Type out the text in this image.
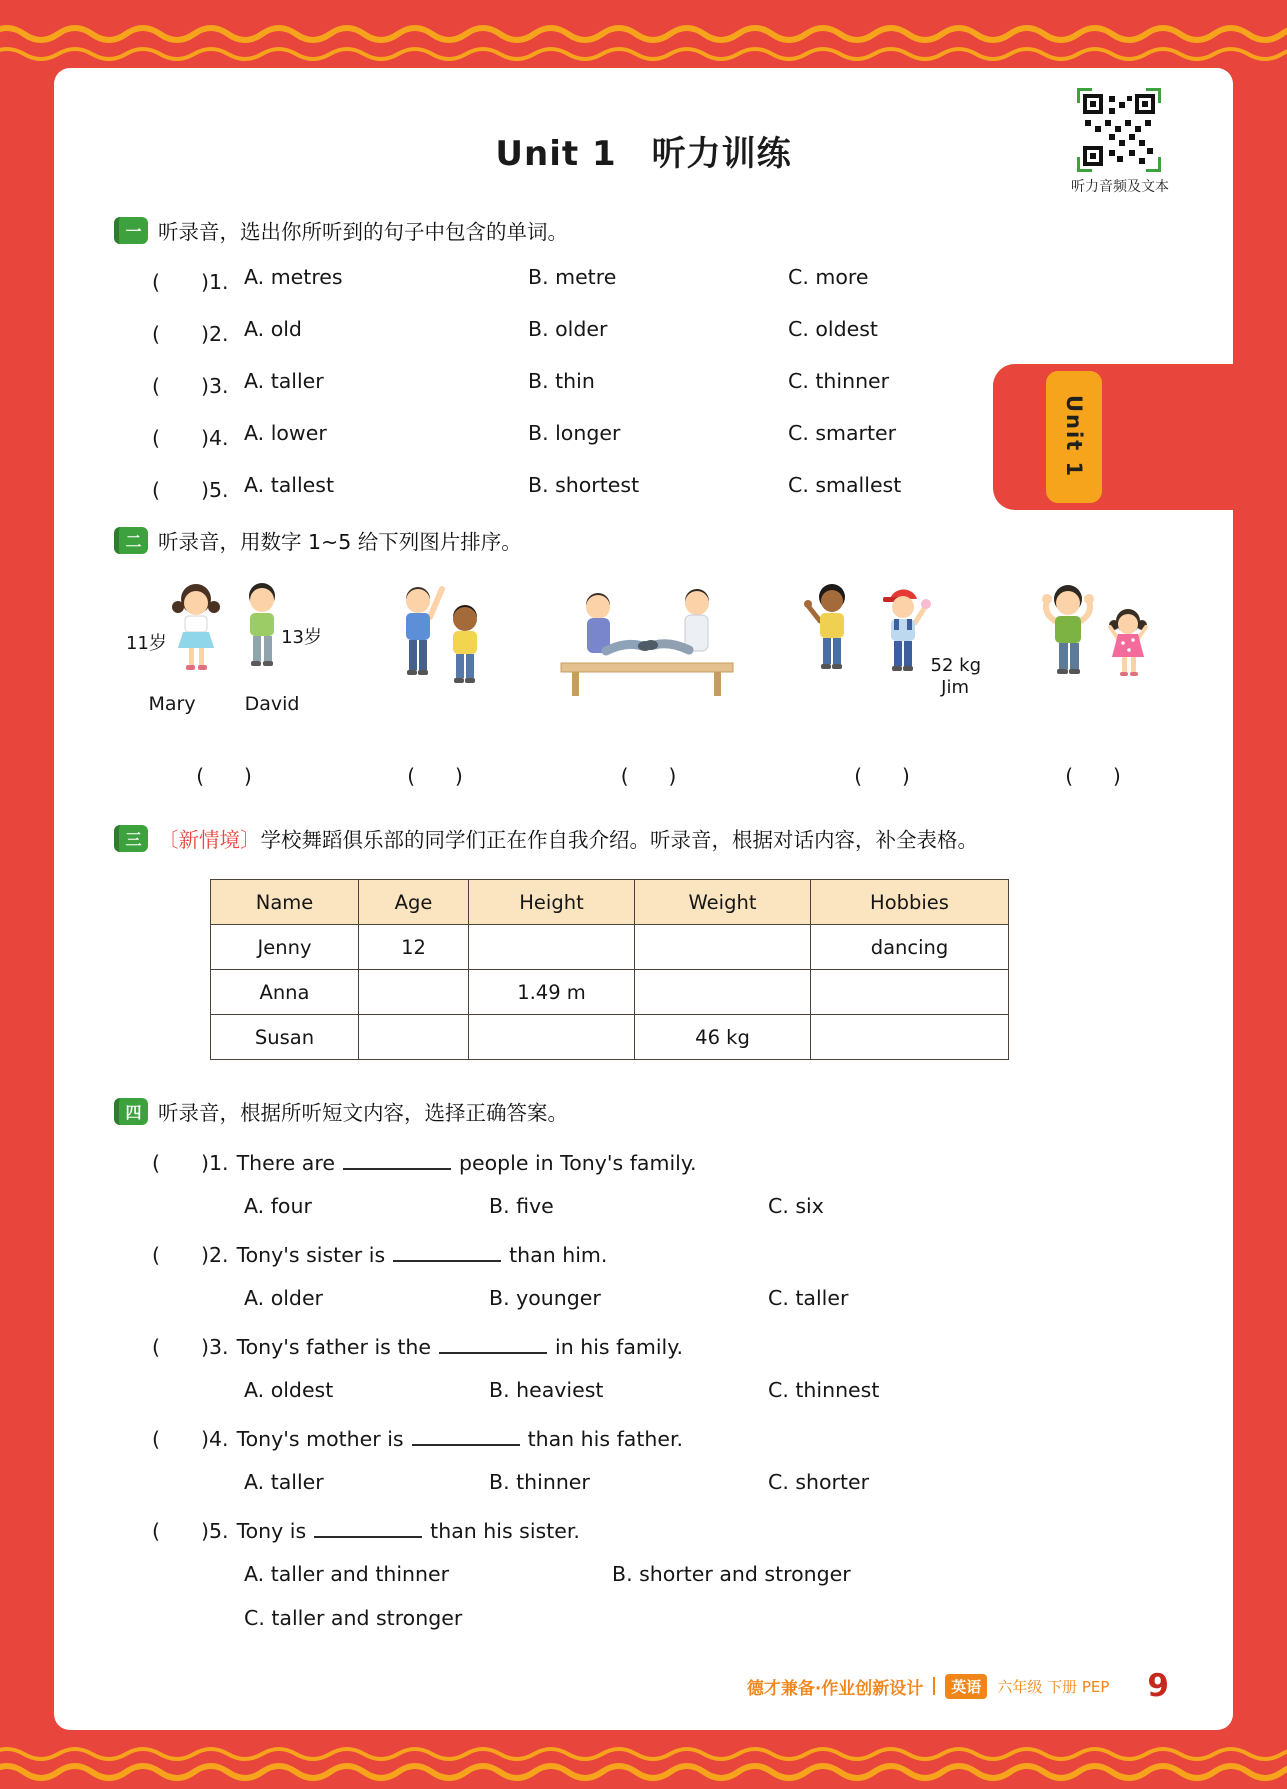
Unit 1
Unit 1　听力训练
听力音频及文本
一 听录音，选出你所听到的句子中包含的单词。
(　　)1. A. metres	B. metre	C. more
(　　)2. A. old	B. older	C. oldest
(　　)3. A. taller	B. thin	C. thinner
(　　)4. A. lower	B. longer	C. smarter
(　　)5. A. tallest	B. shortest	C. smallest
二 听录音，用数字 1~5 给下列图片排序。
11岁	13岁
Mary	David
(　　)	(　　)	(　　)
52 kg
Jim
(　　)	(　　)
三 〔新情境〕学校舞蹈俱乐部的同学们正在作自我介绍。听录音，根据对话内容，补全表格。
Name	Age	Height	Weight	Hobbies
Jenny	12			dancing
Anna		1.49 m		
Susan			46 kg	
四 听录音，根据所听短文内容，选择正确答案。
(　　)1. There are	people in Tony's family.
A. four	B. five	C. six
(　　)2. Tony's sister is	than him.
A. older	B. younger	C. taller
(　　)3. Tony's father is the	in his family.
A. oldest	B. heaviest	C. thinnest
(　　)4. Tony's mother is	than his father.
A. taller	B. thinner	C. shorter
(　　)5. Tony is	than his sister.
A. taller and thinner	B. shorter and stronger
C. taller and stronger
德才兼备·作业创新设计	英语	六年级 下册 PEP 9
